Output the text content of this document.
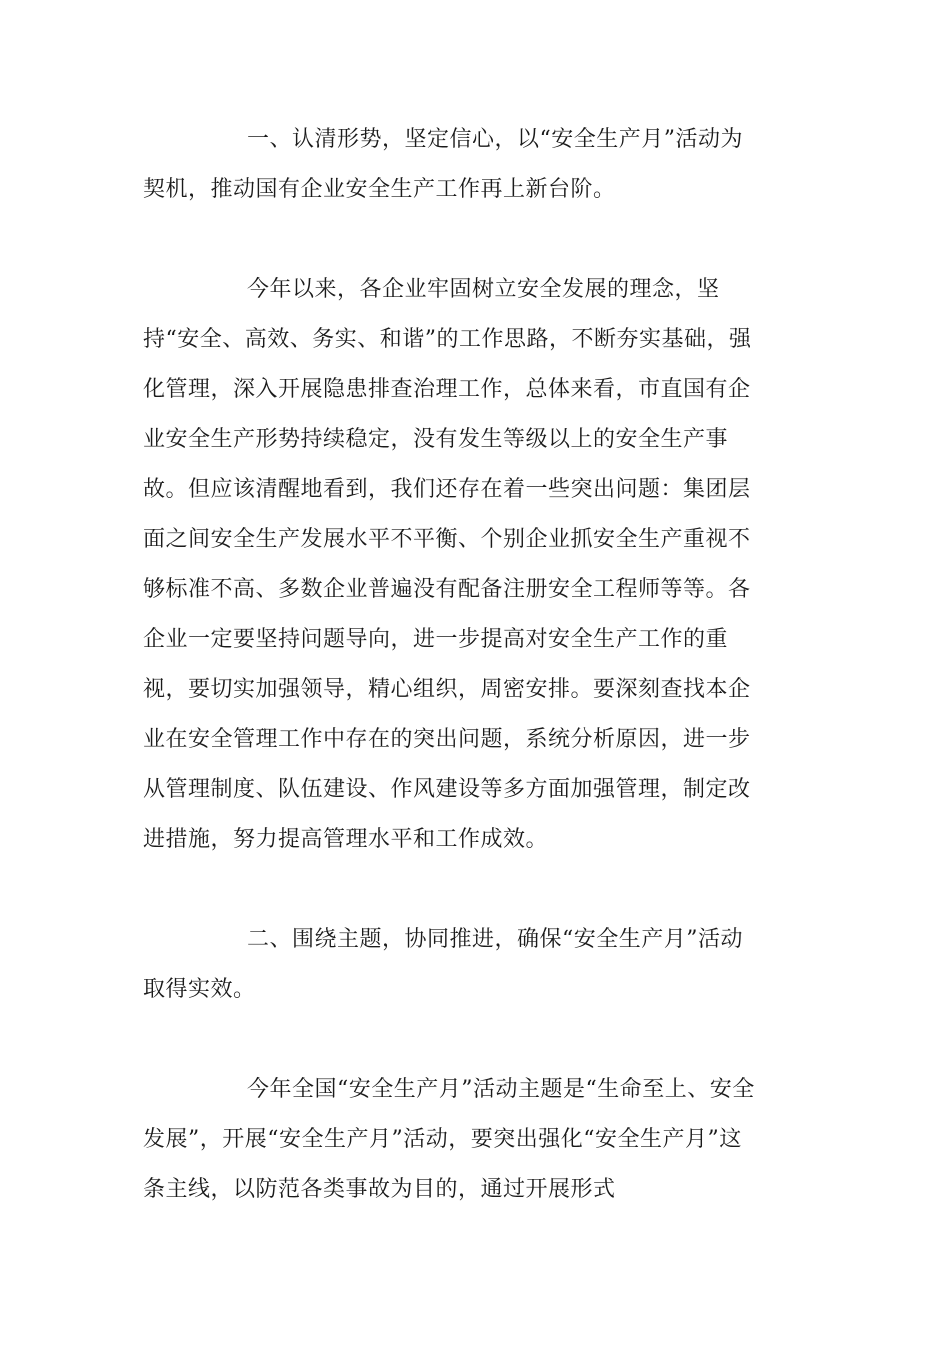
一、认清形势，坚定信心，以“安全生产月”活动为契机，推动国有企业安全生产工作再上新台阶。

今年以来，各企业牢固树立安全发展的理念，坚持“安全、高效、务实、和谐”的工作思路，不断夯实基础，强化管理，深入开展隐患排查治理工作，总体来看，市直国有企业安全生产形势持续稳定，没有发生等级以上的安全生产事故。但应该清醒地看到，我们还存在着一些突出问题：集团层面之间安全生产发展水平不平衡、个别企业抓安全生产重视不够标准不高、多数企业普遍没有配备注册安全工程师等等。各企业一定要坚持问题导向，进一步提高对安全生产工作的重视，要切实加强领导，精心组织，周密安排。要深刻查找本企业在安全管理工作中存在的突出问题，系统分析原因，进一步从管理制度、队伍建设、作风建设等多方面加强管理，制定改进措施，努力提高管理水平和工作成效。

二、围绕主题，协同推进，确保“安全生产月”活动取得实效。

今年全国“安全生产月”活动主题是“生命至上、安全发展”，开展“安全生产月”活动，要突出强化“安全生产月”这条主线，以防范各类事故为目的，通过开展形式
